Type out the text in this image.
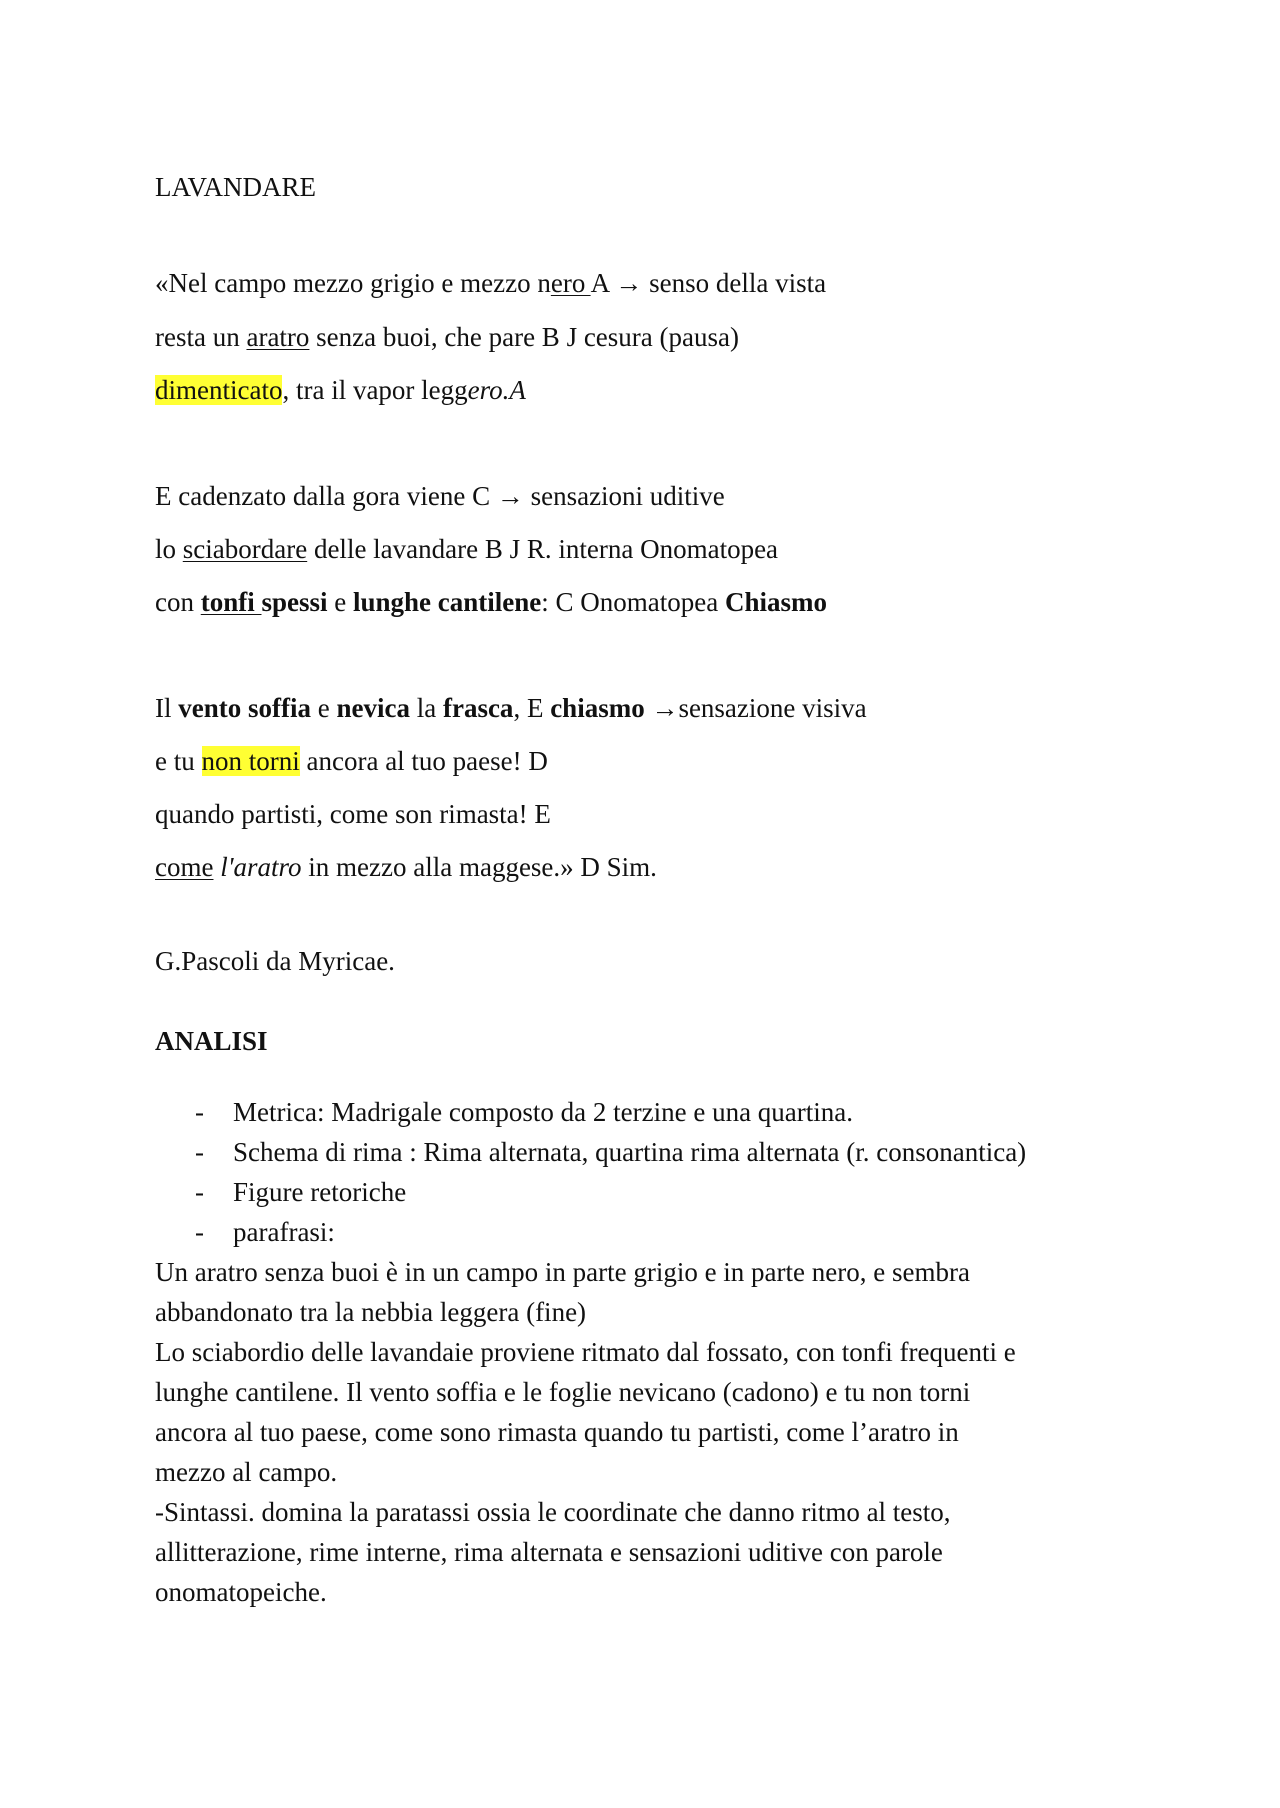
LAVANDARE
«Nel campo mezzo grigio e mezzo nero A → senso della vista
resta un aratro senza buoi, che pare B J cesura (pausa)
dimenticato, tra il vapor leggero.A
E cadenzato dalla gora viene C → sensazioni uditive
lo sciabordare delle lavandare B J R. interna Onomatopea
con tonfi spessi e lunghe cantilene: C Onomatopea Chiasmo
Il vento soffia e nevica la frasca, E chiasmo →sensazione visiva
e tu non torni ancora al tuo paese! D
quando partisti, come son rimasta! E
come l'aratro in mezzo alla maggese.» D Sim.
G.Pascoli da Myricae.
ANALISI
- Metrica: Madrigale composto da 2 terzine e una quartina.
- Schema di rima : Rima alternata, quartina rima alternata (r. consonantica)
- Figure retoriche
- parafrasi:
Un aratro senza buoi è in un campo in parte grigio e in parte nero, e sembra
abbandonato tra la nebbia leggera (fine)
Lo sciabordio delle lavandaie proviene ritmato dal fossato, con tonfi frequenti e
lunghe cantilene. Il vento soffia e le foglie nevicano (cadono) e tu non torni
ancora al tuo paese, come sono rimasta quando tu partisti, come l’aratro in
mezzo al campo.
-Sintassi. domina la paratassi ossia le coordinate che danno ritmo al testo,
allitterazione, rime interne, rima alternata e sensazioni uditive con parole
onomatopeiche.
